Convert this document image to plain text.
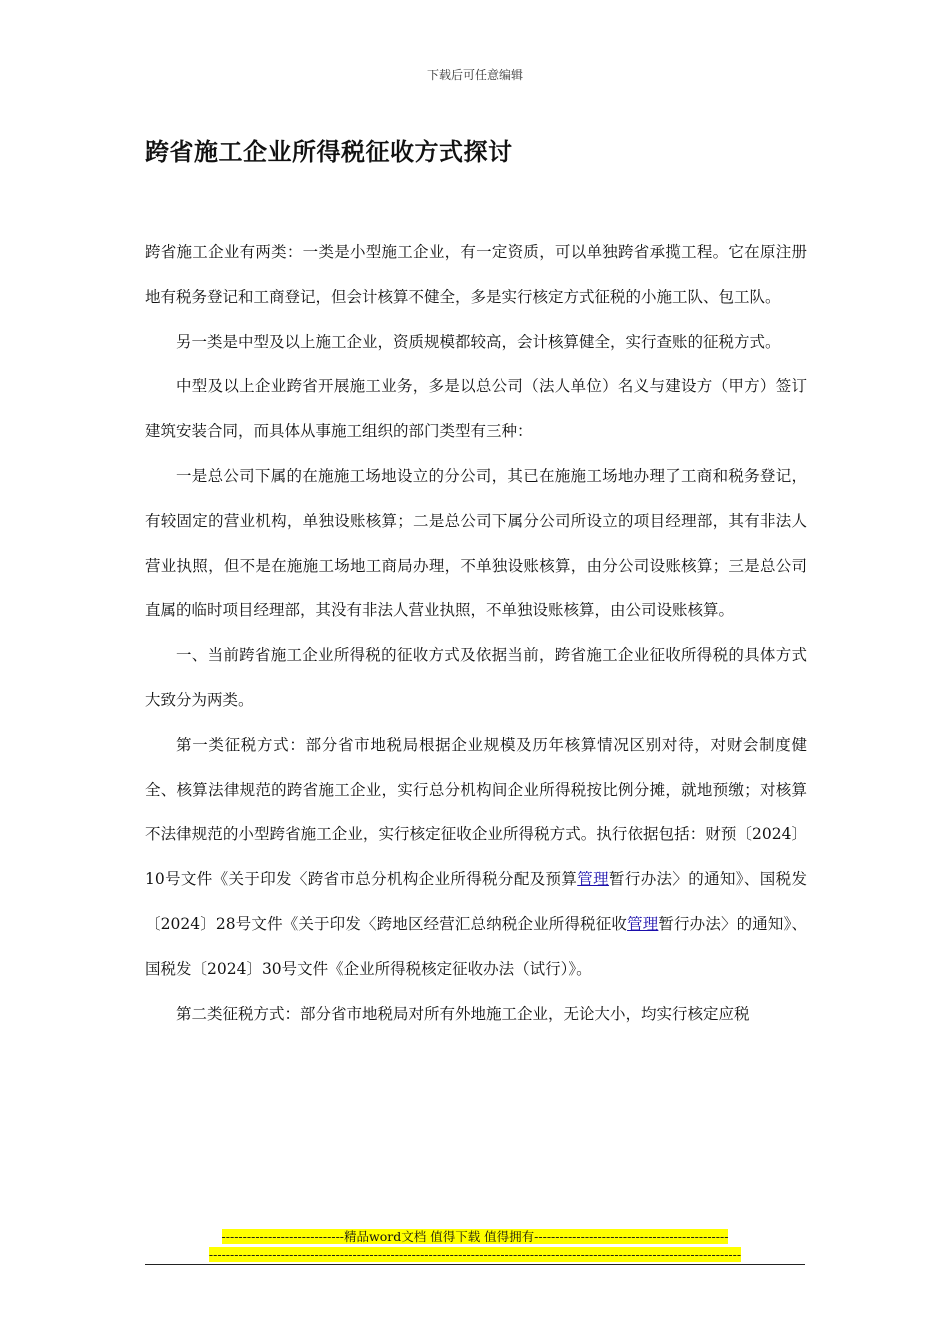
下载后可任意编辑
跨省施工企业所得税征收方式探讨

跨省施工企业有两类：一类是小型施工企业，有一定资质，可以单独跨省承揽工程。它在原注册地有税务登记和工商登记，但会计核算不健全，多是实行核定方式征税的小施工队、包工队。

另一类是中型及以上施工企业，资质规模都较高，会计核算健全，实行查账的征税方式。

中型及以上企业跨省开展施工业务，多是以总公司（法人单位）名义与建设方（甲方）签订建筑安装合同，而具体从事施工组织的部门类型有三种：

一是总公司下属的在施施工场地设立的分公司，其已在施施工场地办理了工商和税务登记，有较固定的营业机构，单独设账核算；二是总公司下属分公司所设立的项目经理部，其有非法人营业执照，但不是在施施工场地工商局办理，不单独设账核算，由分公司设账核算；三是总公司直属的临时项目经理部，其没有非法人营业执照，不单独设账核算，由公司设账核算。

一、当前跨省施工企业所得税的征收方式及依据当前，跨省施工企业征收所得税的具体方式大致分为两类。

第一类征税方式：部分省市地税局根据企业规模及历年核算情况区别对待，对财会制度健全、核算法律规范的跨省施工企业，实行总分机构间企业所得税按比例分摊，就地预缴；对核算不法律规范的小型跨省施工企业，实行核定征收企业所得税方式。执行依据包括：财预〔2024〕10号文件《关于印发〈跨省市总分机构企业所得税分配及预算管理暂行办法〉的通知》、国税发〔2024〕28号文件《关于印发〈跨地区经营汇总纳税企业所得税征收管理暂行办法〉的通知》、国税发〔2024〕30号文件《企业所得税核定征收办法（试行）》。

第二类征税方式：部分省市地税局对所有外地施工企业，无论大小，均实行核定应税

-----------------------------精品word文档 值得下载 值得拥有----------------------------------------------
------------------------------------------------------------------------------------------------------------------------------
